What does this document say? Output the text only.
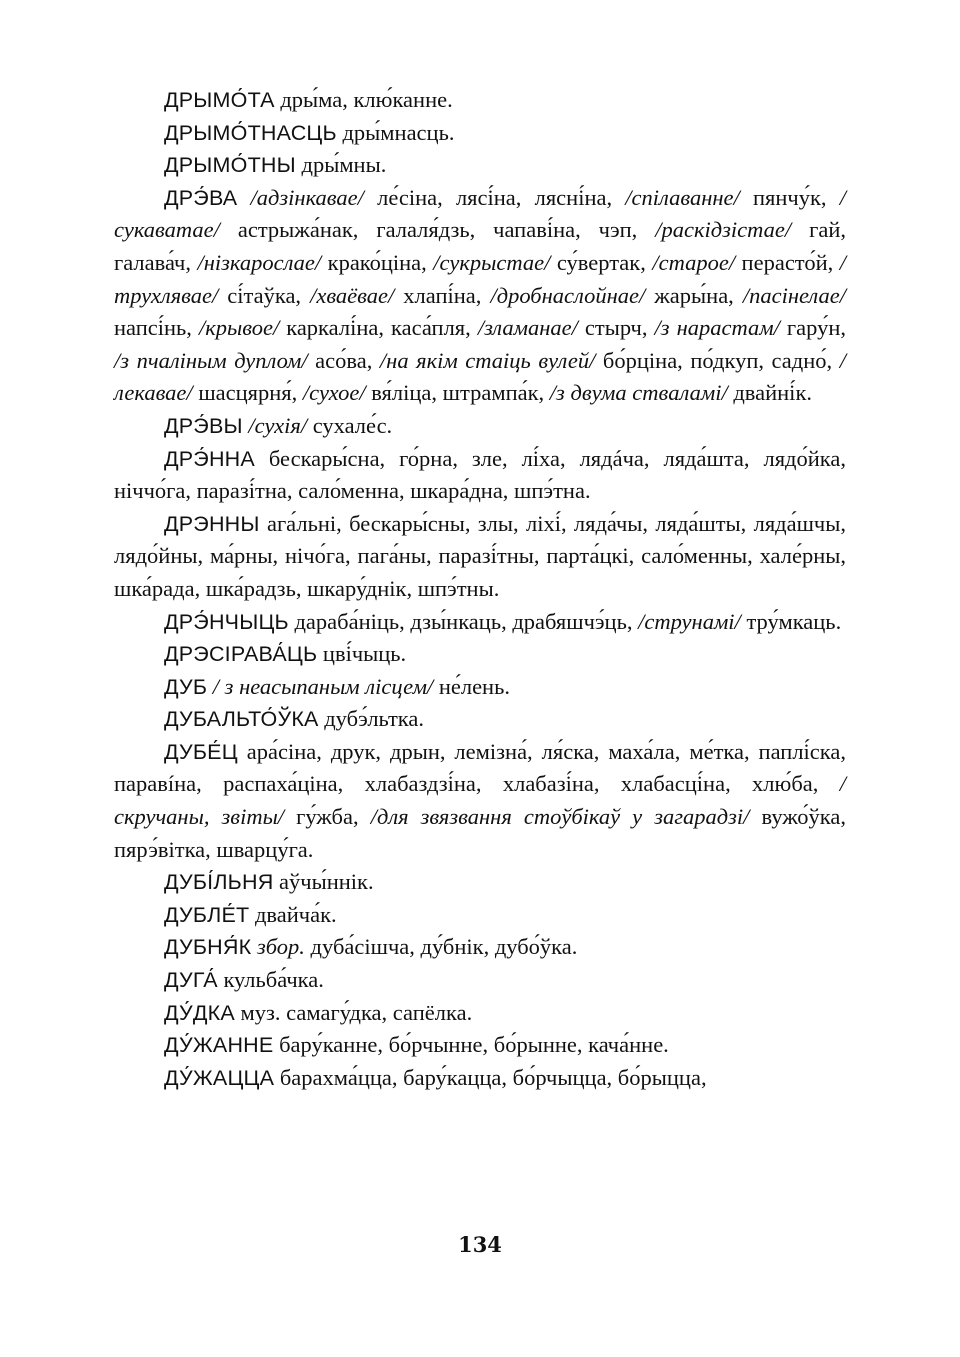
ДРЫМО́ТА дры́ма, клю́канне.

ДРЫМО́ТНАСЦЬ дры́мнасць.

ДРЫМО́ТНЫ дры́мны.

ДРЭ́ВА /адзінкавае/ ле́сіна, лясі́на, лясні́на, /спілаванне/ пянчу́к, /сукаватае/ астрыжа́нак, галаля́дзь, чапаві́на, чэп, /раскідзістае/ гай, галава́ч, /нізкарослае/ крако́ціна, /сукрыстае/ су́вертак, /старое/ пераcто́й, /трухлявае/ сі́таўка, /хваёвае/ хлапі́на, /дробнаслойнае/ жары́на, /пасінелае/ напсі́нь, /крывое/ каркалі́на, каса́пля, /зламанае/ стырч, /з нарастам/ гару́н, /з пчаліным дуплом/ асо́ва, /на якім стаіць вулей/ бо́рціна, по́дкуп, садно́, /лекавае/ шасцярня́, /сухое/ вя́ліца, штрампа́к, /з двума ствaламі/ двайні́к.

ДРЭ́ВЫ /сухія/ сухале́с.

ДРЭ́ННА бескары́сна, го́рна, зле, лі́ха, лядáча, ляда́шта, лядо́йка, ніччо́га, паразі́тна, сало́менна, шкара́дна, шпэ́тна.

ДРЭННЫ ага́льні, бескары́сны, злы, ліхі́, ляда́чы, ляда́шты, ляда́шчы, лядо́йны, ма́рны, нічо́га, пага́ны, паразі́тны, парта́цкі, сало́менны, хале́рны, шка́рада, шка́радзь, шкару́днік, шпэ́тны.

ДРЭ́НЧЫЦЬ дараба́ніць, дзы́нкаць, драбяшчэ́ць, /струнамі/ тру́мкаць.

ДРЭСІРАВА́ЦЬ цві́чыць.

ДУБ / з неасыпаным лісцем/ не́лень.

ДУБАЛЬТО́ЎКА дубэ́льтка.

ДУБЕ́Ц ара́сіна, друк, дрын, лемізна́, ля́ска, маха́ла, ме́тка, паплі́ска, паравíна, распаха́ціна, хлабаздзі́на, хлабазі́на, хлабасці́на, хлю́ба, /скручаны, звіты/ гу́жба, /для звязвання стоўбікаў у загарадзі/ вужо́ўка, пярэ́вітка, шварцу́га.

ДУБІ́ЛЬНЯ аўчы́ннік.

ДУБЛЕ́Т двайча́к.

ДУБНЯ́К збор. дуба́сішча, ду́бнік, дубо́ўка.

ДУГА́ кульба́чка.

ДУ́ДКА муз. самагу́дка, сапёлка.

ДУ́ЖАННЕ бару́канне, бо́рчынне, бо́рынне, кача́нне.

ДУ́ЖАЦЦА барахма́цца, бару́кацца, бо́рчыцца, бо́рыцца,

134
